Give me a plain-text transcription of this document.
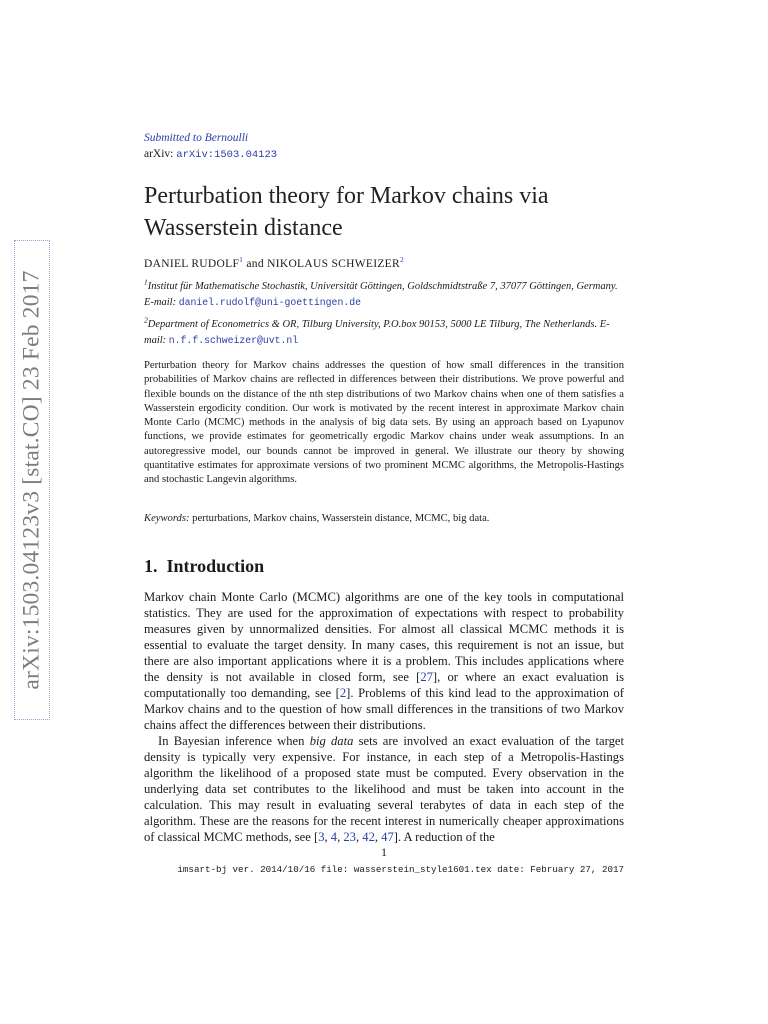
arXiv:1503.04123v3 [stat.CO] 23 Feb 2017
Submitted to Bernoulli
arXiv: arXiv:1503.04123
Perturbation theory for Markov chains via Wasserstein distance
DANIEL RUDOLF$^1$ and NIKOLAUS SCHWEIZER$^2$
$^1$Institut für Mathematische Stochastik, Universität Göttingen, Goldschmidtstraße 7, 37077 Göttingen, Germany. E-mail: daniel.rudolf@uni-goettingen.de
$^2$Department of Econometrics & OR, Tilburg University, P.O.box 90153, 5000 LE Tilburg, The Netherlands. E-mail: n.f.f.schweizer@uvt.nl

Perturbation theory for Markov chains addresses the question of how small differences in the transition probabilities of Markov chains are reflected in differences between their distributions. We prove powerful and flexible bounds on the distance of the nth step distributions of two Markov chains when one of them satisfies a Wasserstein ergodicity condition. Our work is motivated by the recent interest in approximate Markov chain Monte Carlo (MCMC) methods in the analysis of big data sets. By using an approach based on Lyapunov functions, we provide estimates for geometrically ergodic Markov chains under weak assumptions. In an autoregressive model, our bounds cannot be improved in general. We illustrate our theory by showing quantitative estimates for approximate versions of two prominent MCMC algorithms, the Metropolis-Hastings and stochastic Langevin algorithms.

Keywords: perturbations, Markov chains, Wasserstein distance, MCMC, big data.
1. Introduction

Markov chain Monte Carlo (MCMC) algorithms are one of the key tools in computational statistics. They are used for the approximation of expectations with respect to probability measures given by unnormalized densities. For almost all classical MCMC methods it is essential to evaluate the target density. In many cases, this requirement is not an issue, but there are also important applications where it is a problem. This includes applications where the density is not available in closed form, see [27], or where an exact evaluation is computationally too demanding, see [2]. Problems of this kind lead to the approximation of Markov chains and to the question of how small differences in the transitions of two Markov chains affect the differences between their distributions.

In Bayesian inference when big data sets are involved an exact evaluation of the target density is typically very expensive. For instance, in each step of a Metropolis-Hastings algorithm the likelihood of a proposed state must be computed. Every observation in the underlying data set contributes to the likelihood and must be taken into account in the calculation. This may result in evaluating several terabytes of data in each step of the algorithm. These are the reasons for the recent interest in numerically cheaper approximations of classical MCMC methods, see [3, 4, 23, 42, 47]. A reduction of the

1
imsart-bj ver. 2014/10/16 file: wasserstein_style1601.tex date: February 27, 2017
